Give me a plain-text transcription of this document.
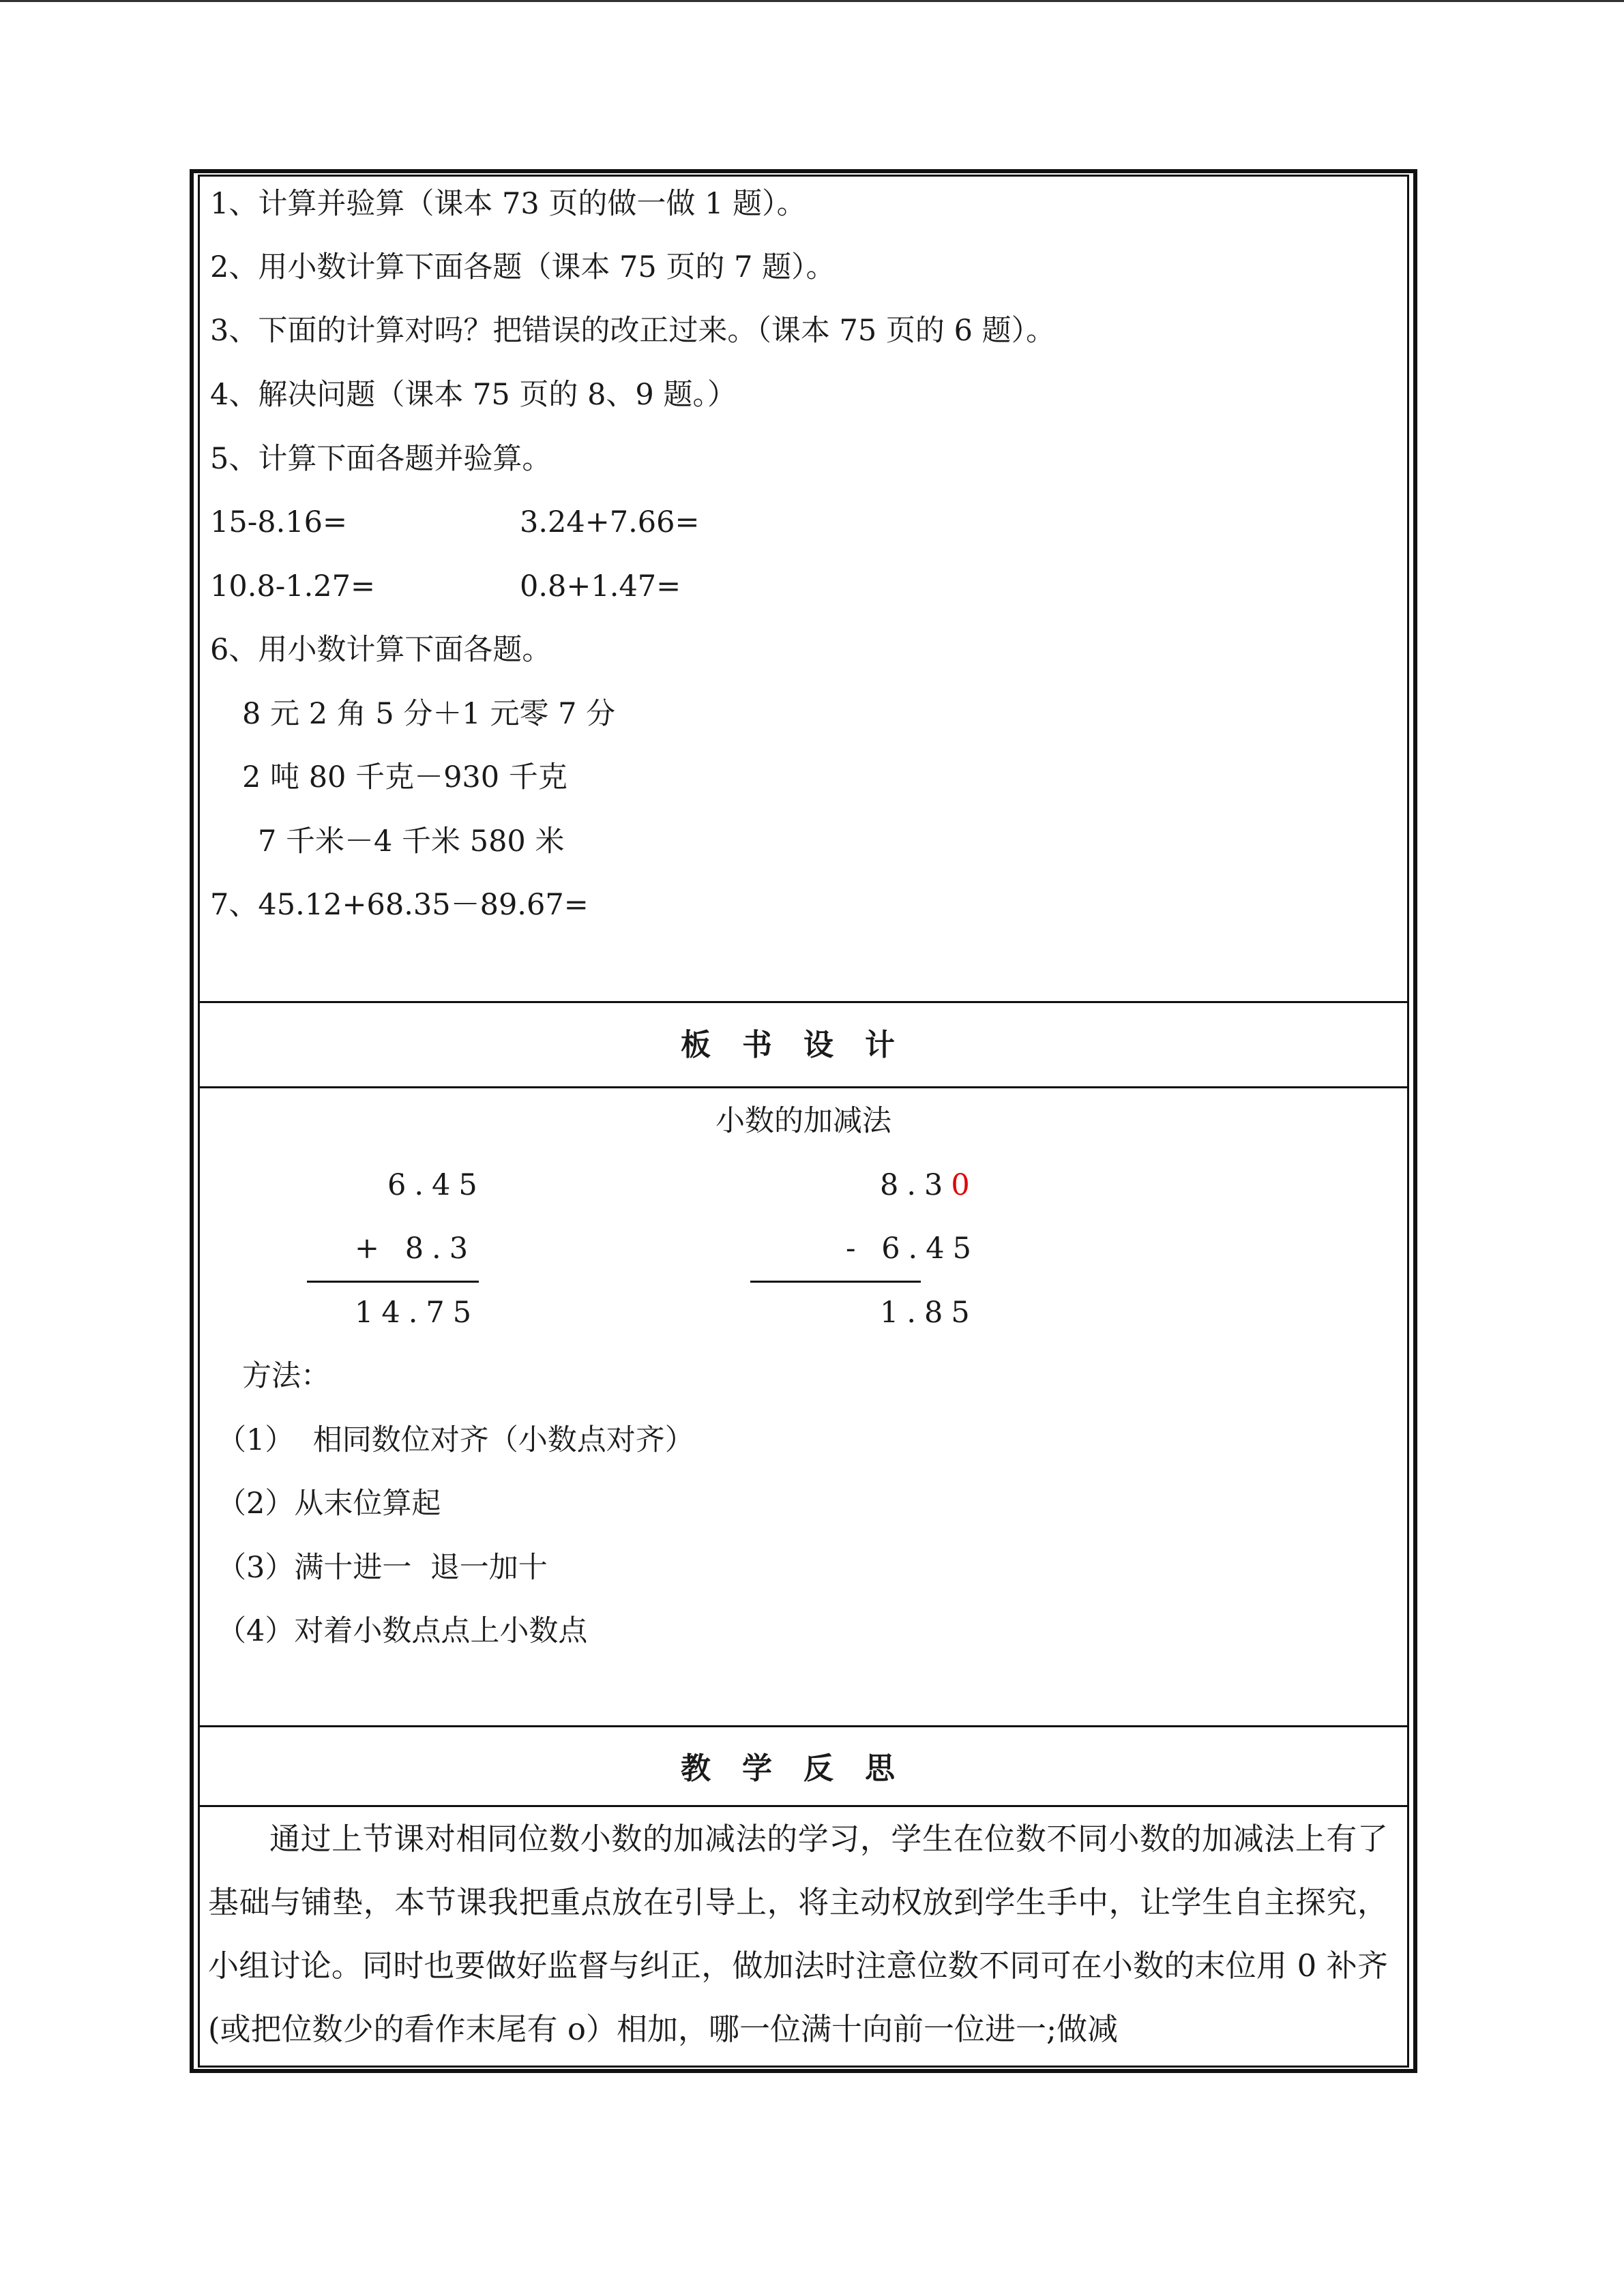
1、计算并验算（课本 73 页的做一做 1 题）。
2、用小数计算下面各题（课本 75 页的 7 题）。
3、下面的计算对吗？把错误的改正过来。（课本 75 页的 6 题）。
4、解决问题（课本 75 页的 8、9 题。）
5、计算下面各题并验算。
15-8.16=	3.24+7.66=
10.8-1.27=	0.8+1.47=
6、用小数计算下面各题。
8 元 2 角 5 分＋1 元零 7 分
2 吨 80 千克－930 千克
7 千米－4 千米 580 米
7、45.12+68.35－89.67=
板书设计
小数的加减法
6.45
+ 8.3
14.75
8.30
- 6.45
1.85
方法：
（1）  相同数位对齐（小数点对齐）
（2）从末位算起
（3）满十进一  退一加十
（4）对着小数点点上小数点
教学反思
通过上节课对相同位数小数的加减法的学习，学生在位数不同小数的加减法上有了基础与铺垫，本节课我把重点放在引导上，将主动权放到学生手中，让学生自主探究，小组讨论。同时也要做好监督与纠正，做加法时注意位数不同可在小数的末位用 0 补齐(或把位数少的看作末尾有 o）相加，哪一位满十向前一位进一;做减
